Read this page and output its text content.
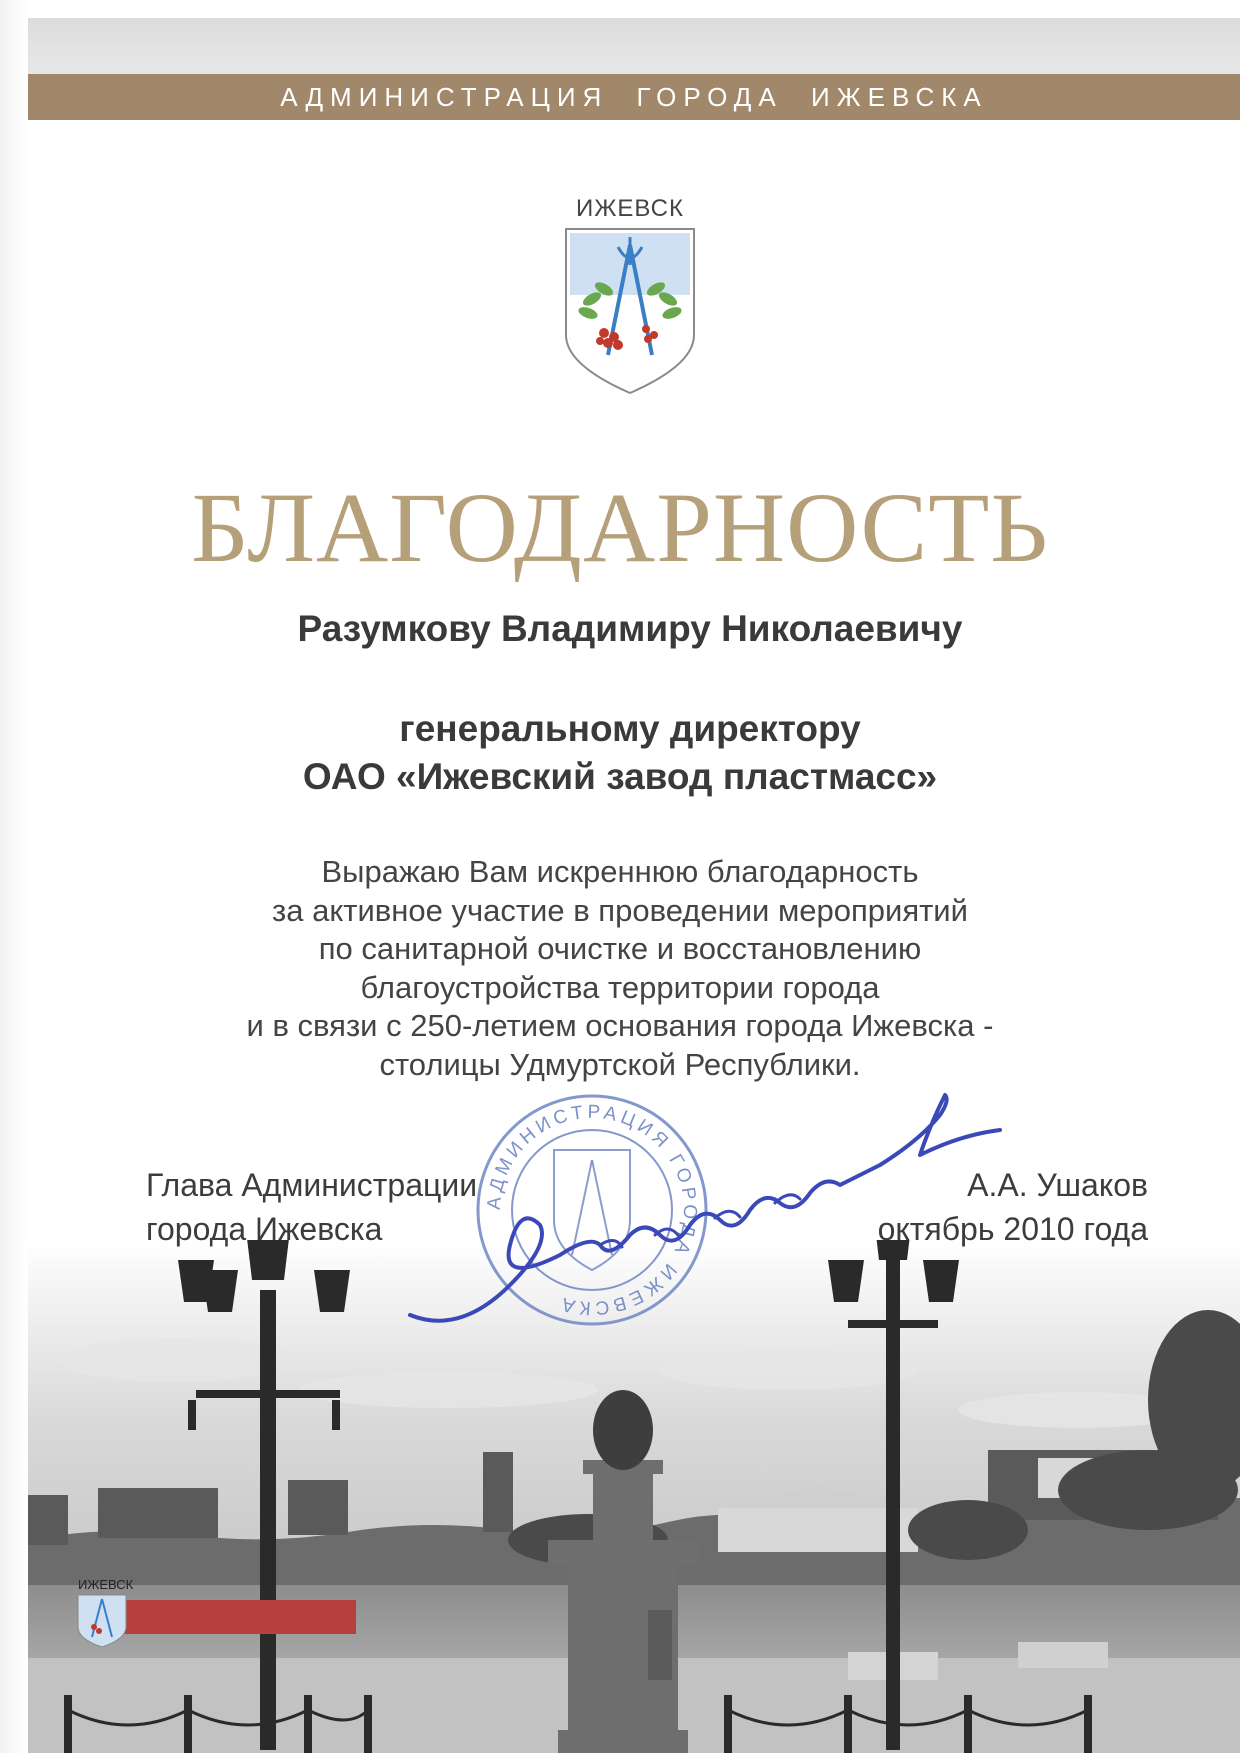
АДМИНИСТРАЦИЯ ГОРОДА ИЖЕВСКА
ИЖЕВСК
БЛАГОДАРНОСТЬ
Разумкову Владимиру Николаевичу
генеральному директору
ОАО «Ижевский завод пластмасс»
Выражаю Вам искреннюю благодарность
за активное участие в проведении мероприятий
по санитарной очистке и восстановлению
благоустройства территории города
и в связи с 250-летием основания города Ижевска -
столицы Удмуртской Республики.
ИЖЕВСК
Глава Администрации
города Ижевска
А.А. Ушаков
октябрь 2010 года
АДМИНИСТРАЦИЯ ГОРОДА ИЖЕВСКА
